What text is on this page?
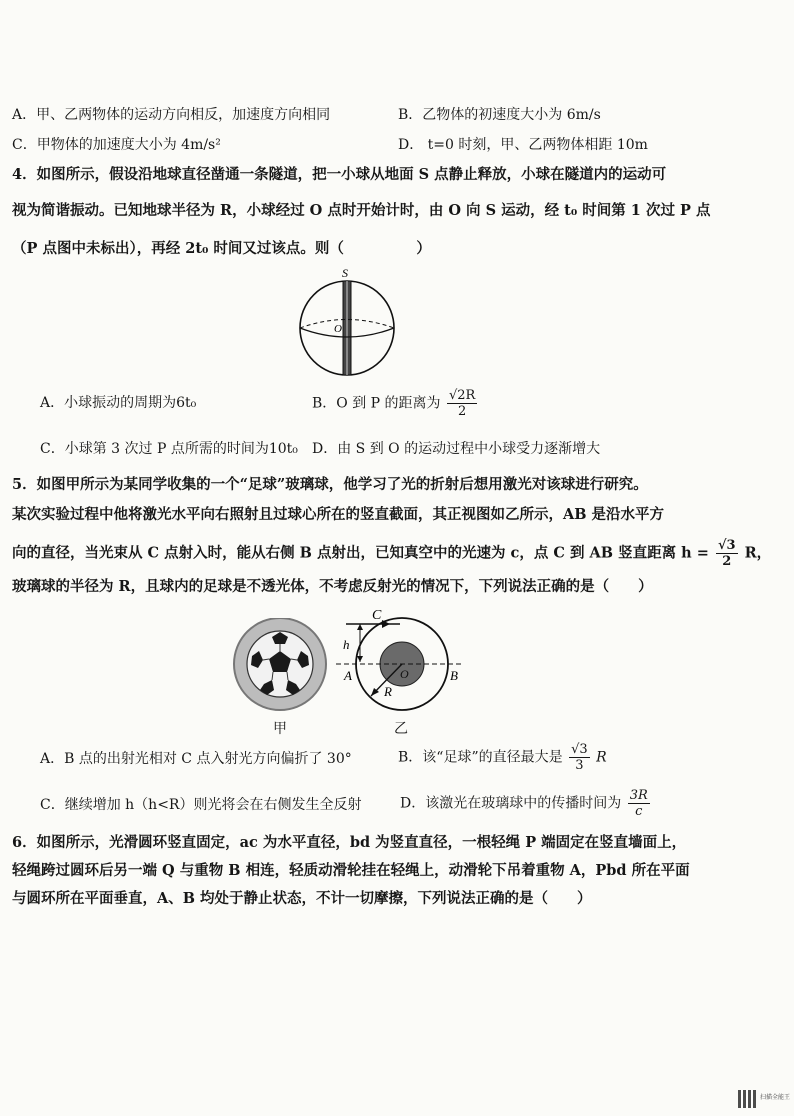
A．甲、乙两物体的运动方向相反，加速度方向相同	B．乙物体的初速度大小为 6m/s
C．甲物体的加速度大小为 4m/s²	D． t=0 时刻，甲、乙两物体相距 10m
4．如图所示，假设沿地球直径凿通一条隧道，把一小球从地面 S 点静止释放，小球在隧道内的运动可
视为简谐振动。已知地球半径为 R，小球经过 O 点时开始计时，由 O 向 S 运动，经 t₀ 时间第 1 次过 P 点
（P 点图中未标出），再经 2t₀ 时间又过该点。则（　　　　　）
S
O
A．小球振动的周期为6t₀	B．O 到 P 的距离为 $\frac{√2R}{2}$
C．小球第 3 次过 P 点所需的时间为10t₀ D．由 S 到 O 的运动过程中小球受力逐渐增大
5．如图甲所示为某同学收集的一个“足球”玻璃球，他学习了光的折射后想用激光对该球进行研究。
某次实验过程中他将激光水平向右照射且过球心所在的竖直截面，其正视图如乙所示，AB 是沿水平方
向的直径，当光束从 C 点射入时，能从右侧 B 点射出，已知真空中的光速为 c，点 C 到 AB 竖直距离 $h = \frac{√3}{2}$ R，
玻璃球的半径为 R，且球内的足球是不透光体，不考虑反射光的情况下，下列说法正确的是（　　）
甲
C
h
A	O	B
R
乙
A．B 点的出射光相对 C 点入射光方向偏折了 30°	B．该“足球”的直径最大是 $\frac{√3}{3}$ R
C．继续增加 h（h<R）则光将会在右侧发生全反射	D．该激光在玻璃球中的传播时间为 $\frac{3R}{c}$
6．如图所示，光滑圆环竖直固定，ac 为水平直径，bd 为竖直直径，一根轻绳 P 端固定在竖直墙面上，
轻绳跨过圆环后另一端 Q 与重物 B 相连，轻质动滑轮挂在轻绳上，动滑轮下吊着重物 A，Pbd 所在平面
与圆环所在平面垂直，A、B 均处于静止状态，不计一切摩擦，下列说法正确的是（　　）
扫描全能王
